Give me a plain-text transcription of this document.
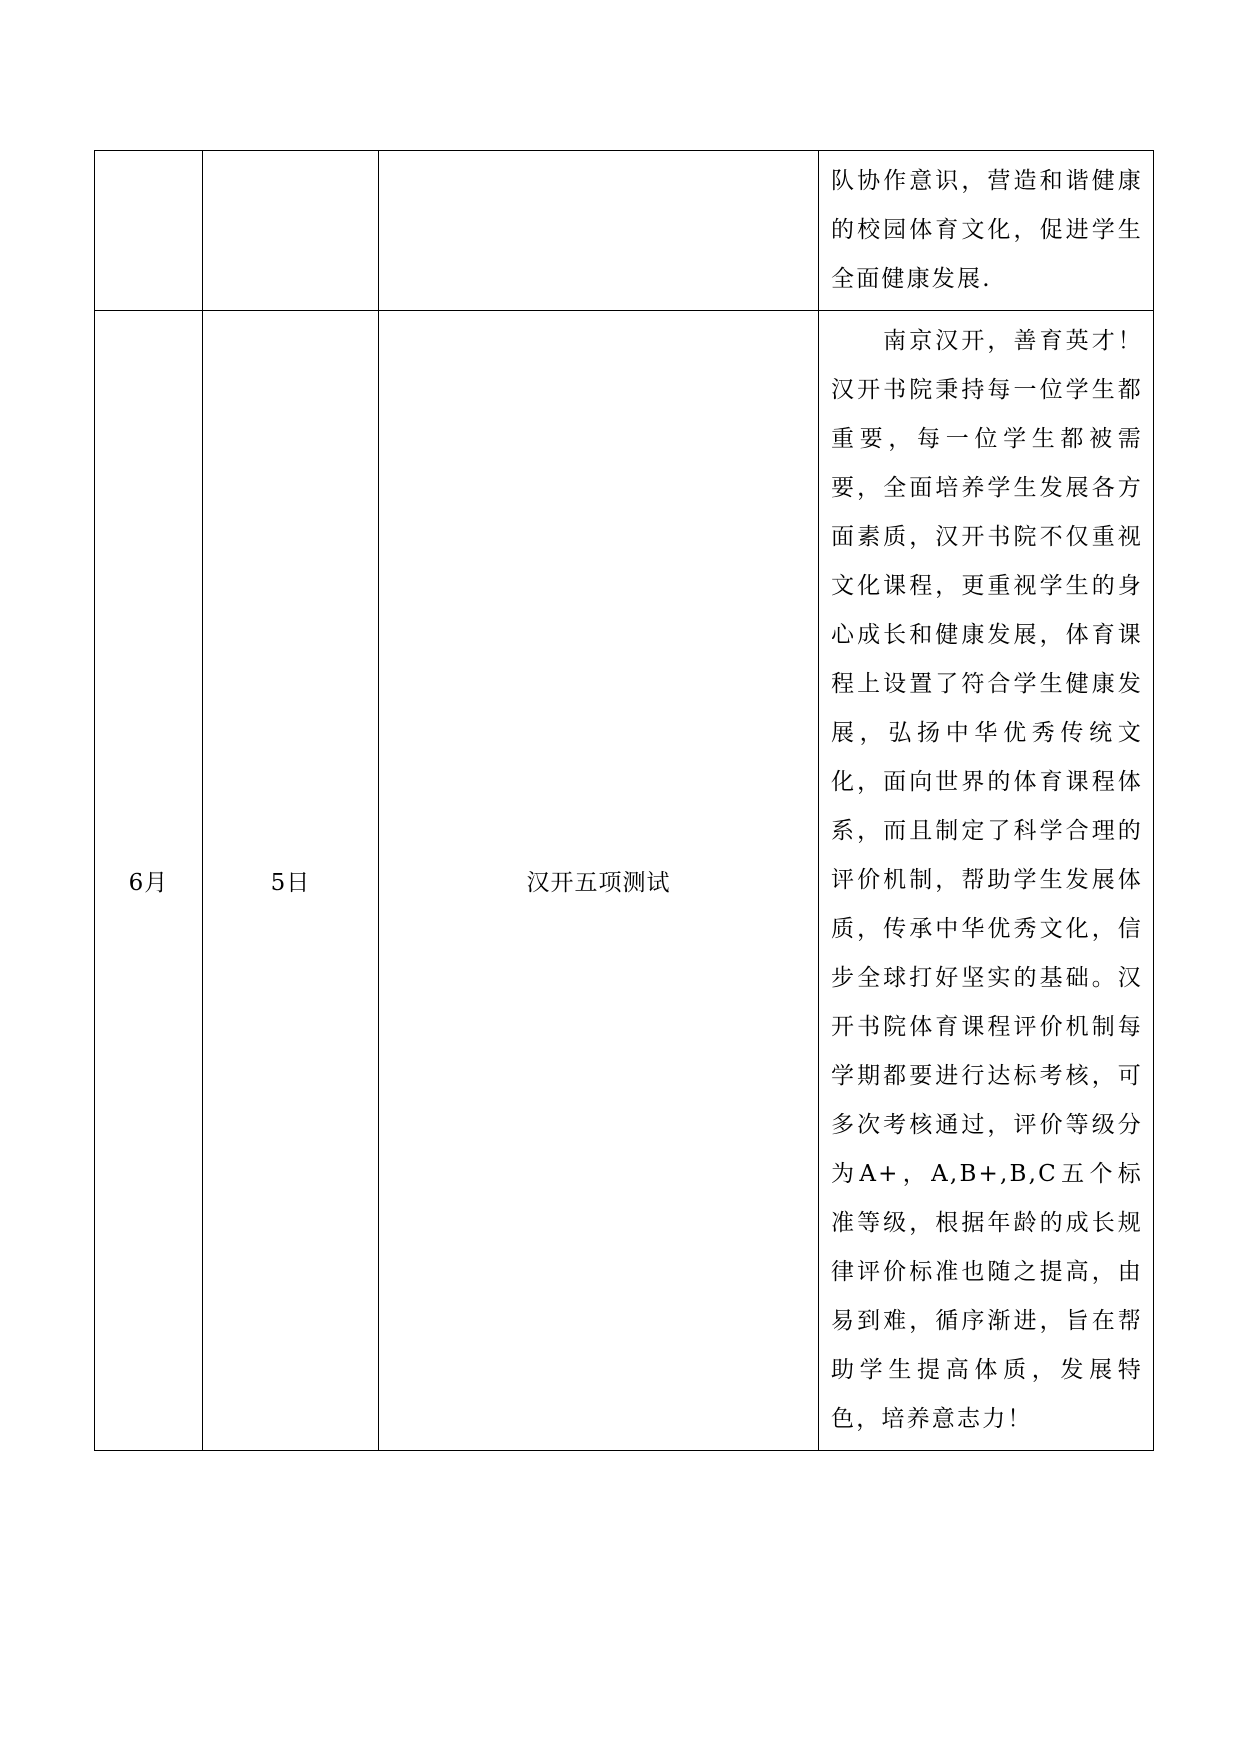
			队协作意识，营造和谐健康的校园体育文化，促进学生全面健康发展.
6月	5日	汉开五项测试	　　南京汉开，善育英才！汉开书院秉持每一位学生都重要，每一位学生都被需要，全面培养学生发展各方面素质，汉开书院不仅重视文化课程，更重视学生的身心成长和健康发展，体育课程上设置了符合学生健康发展，弘扬中华优秀传统文化，面向世界的体育课程体系，而且制定了科学合理的评价机制，帮助学生发展体质，传承中华优秀文化，信步全球打好坚实的基础。汉开书院体育课程评价机制每学期都要进行达标考核，可多次考核通过，评价等级分为A+，A,B+,B,C五个标准等级，根据年龄的成长规律评价标准也随之提高，由易到难，循序渐进，旨在帮助学生提高体质，发展特色，培养意志力！
